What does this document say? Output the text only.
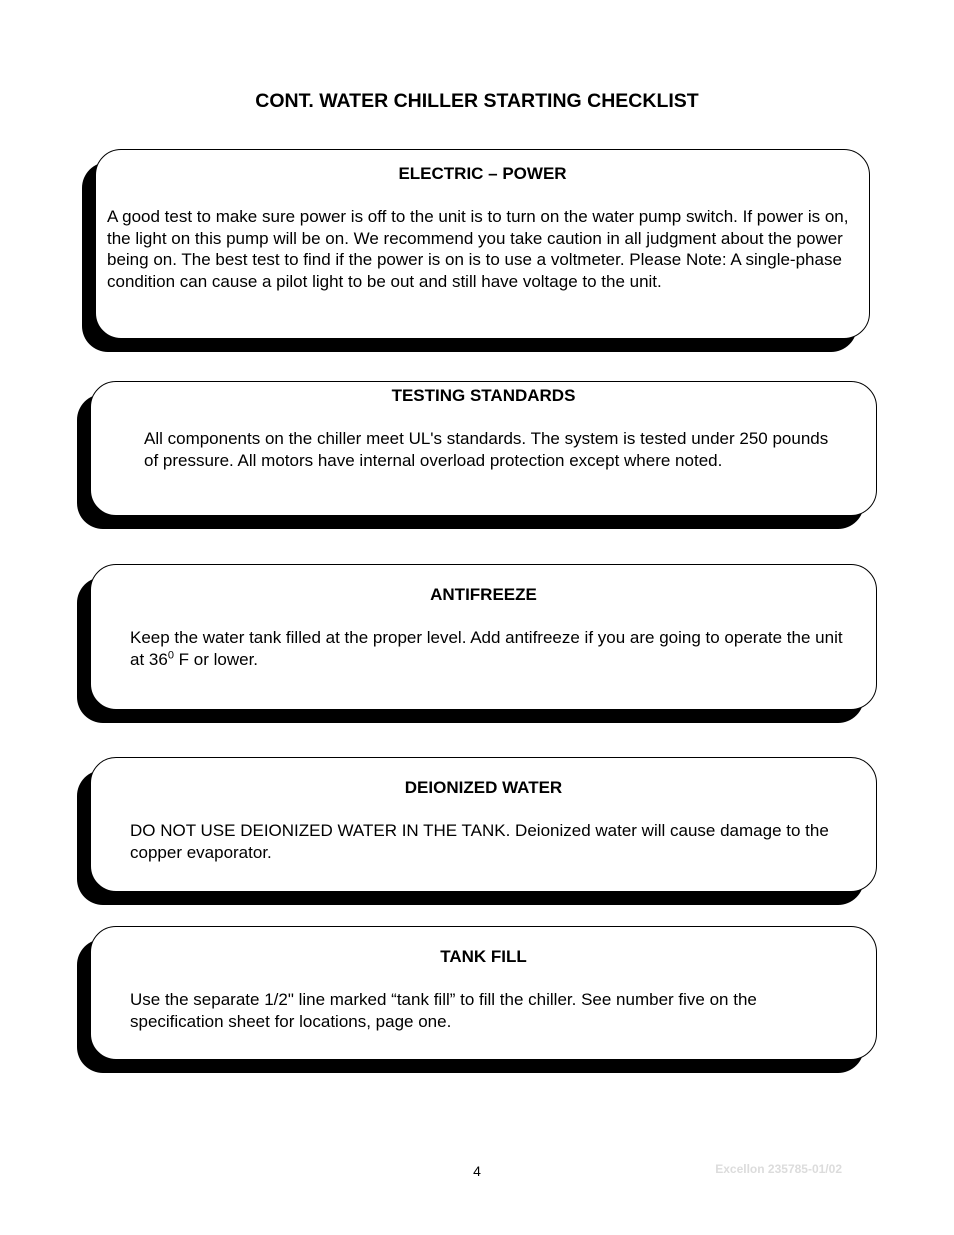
CONT. WATER CHILLER STARTING CHECKLIST
ELECTRIC – POWER
A good test to make sure power is off to the unit is to turn on the water pump switch. If power is on, the light on this pump will be on. We recommend you take caution in all judgment about the power being on. The best test to find if the power is on is to use a voltmeter. Please Note: A single-phase condition can cause a pilot light to be out and still have voltage to the unit.
TESTING STANDARDS
All components on the chiller meet UL's standards. The system is tested under 250 pounds of pressure. All motors have internal overload protection except where noted.
ANTIFREEZE
Keep the water tank filled at the proper level. Add antifreeze if you are going to operate the unit at $36^0$ F or lower.
DEIONIZED WATER
DO NOT USE DEIONIZED WATER IN THE TANK. Deionized water will cause damage to the copper evaporator.
TANK FILL
Use the separate 1/2" line marked “tank fill” to fill the chiller. See number five on the specification sheet for locations, page one.
4	Excellon 235785-01/02
